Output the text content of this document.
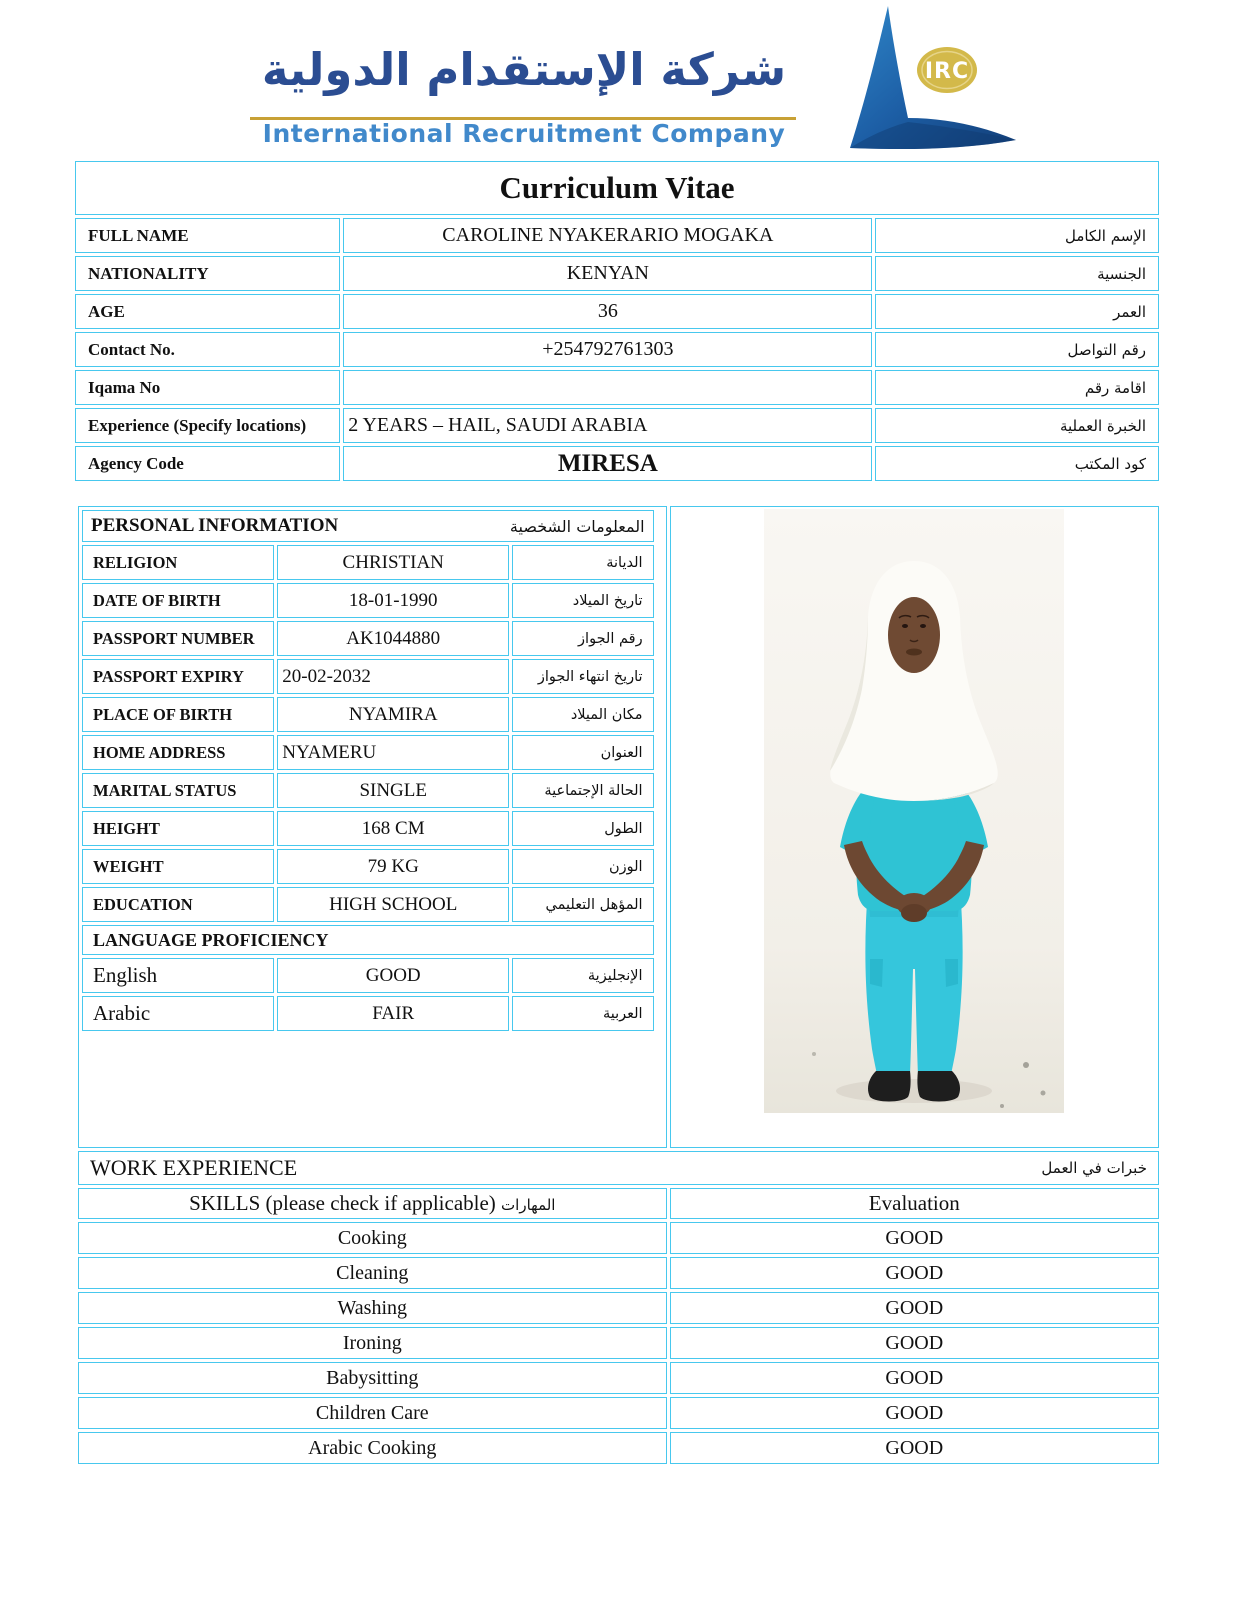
شركة الإستقدام الدولية
International Recruitment Company
IRC
Curriculum Vitae		
FULL NAME	CAROLINE NYAKERARIO MOGAKA	الإسم الكامل
NATIONALITY	KENYAN	الجنسية
AGE	36	العمر
Contact No.	+254792761303	رقم التواصل
Iqama No		اقامة رقم
Experience (Specify locations)	2 YEARS – HAIL, SAUDI ARABIA	الخبرة العملية
Agency Code	MIRESA	كود المكتب
PERSONAL INFORMATION	المعلومات الشخصية

RELIGION	CHRISTIAN	الديانة
DATE OF BIRTH	18-01-1990	تاريخ الميلاد
PASSPORT NUMBER	AK1044880	رقم الجواز
PASSPORT EXPIRY	20-02-2032	تاريخ انتهاء الجواز
PLACE OF BIRTH	NYAMIRA	مكان الميلاد
HOME ADDRESS	NYAMERU	العنوان
MARITAL STATUS	SINGLE	الحالة الإجتماعية
HEIGHT	168 CM	الطول
WEIGHT	79 KG	الوزن
EDUCATION	HIGH SCHOOL	المؤهل التعليمي
LANGUAGE PROFICIENCY
English	GOOD	الإنجليزية
Arabic	FAIR	العربية

WORK EXPERIENCE	خبرات في العمل

SKILLS (please check if applicable) المهارات	Evaluation
Cooking	GOOD
Cleaning	GOOD
Washing	GOOD
Ironing	GOOD
Babysitting	GOOD
Children Care	GOOD
Arabic Cooking	GOOD
